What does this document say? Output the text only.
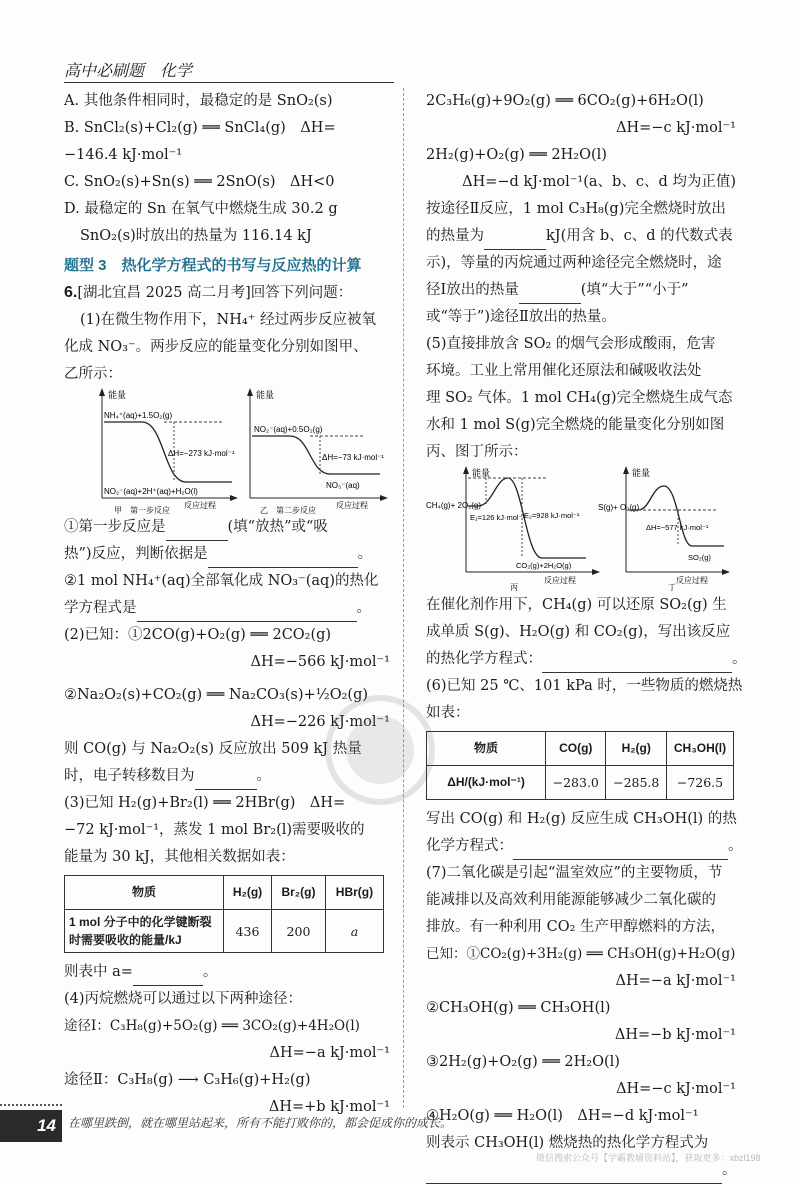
高中必刷题　化学
A. 其他条件相同时，最稳定的是 SnO₂(s)
B. SnCl₂(s)+Cl₂(g) ══ SnCl₄(g)　ΔH=
−146.4 kJ·mol⁻¹
C. SnO₂(s)+Sn(s) ══ 2SnO(s)　ΔH<0
D. 最稳定的 Sn 在氧气中燃烧生成 30.2 g
SnO₂(s)时放出的热量为 116.14 kJ
题型 3　热化学方程式的书写与反应热的计算
6.[湖北宜昌 2025 高二月考]回答下列问题：
(1)在微生物作用下，NH₄⁺ 经过两步反应被氧
化成 NO₃⁻。两步反应的能量变化分别如图甲、
乙所示：
能量
NH₄⁺(aq)+1.5O₂(g)
ΔH=−273 kJ·mol⁻¹
NO₂⁻(aq)+2H⁺(aq)+H₂O(l)
反应过程
甲　第一步反应
能量
NO₂⁻(aq)+0.5O₂(g)
ΔH=−73 kJ·mol⁻¹
NO₃⁻(aq)
反应过程
乙　第二步反应
①第一步反应是	(填“放热”或“吸
热”)反应，判断依据是	。
②1 mol NH₄⁺(aq)全部氧化成 NO₃⁻(aq)的热化
学方程式是	。
(2)已知：①2CO(g)+O₂(g) ══ 2CO₂(g)
ΔH=−566 kJ·mol⁻¹
②Na₂O₂(s)+CO₂(g) ══ Na₂CO₃(s)+½O₂(g)
ΔH=−226 kJ·mol⁻¹
则 CO(g) 与 Na₂O₂(s) 反应放出 509 kJ 热量
时，电子转移数目为	。
(3)已知 H₂(g)+Br₂(l) ══ 2HBr(g)　ΔH=
−72 kJ·mol⁻¹，蒸发 1 mol Br₂(l)需要吸收的
能量为 30 kJ，其他相关数据如表：
物质	H₂(g)	Br₂(g)	HBr(g)
1 mol 分子中的化学键断裂时需要吸收的能量/kJ	436	200	a
则表中 a=	。
(4)丙烷燃烧可以通过以下两种途径：
途径Ⅰ：C₃H₈(g)+5O₂(g) ══ 3CO₂(g)+4H₂O(l)
ΔH=−a kJ·mol⁻¹
途径Ⅱ：C₃H₈(g) ⟶ C₃H₆(g)+H₂(g)
ΔH=+b kJ·mol⁻¹
2C₃H₆(g)+9O₂(g) ══ 6CO₂(g)+6H₂O(l)
ΔH=−c kJ·mol⁻¹
2H₂(g)+O₂(g) ══ 2H₂O(l)
ΔH=−d kJ·mol⁻¹(a、b、c、d 均为正值)
按途径Ⅱ反应，1 mol C₃H₈(g)完全燃烧时放出
的热量为	kJ(用含 b、c、d 的代数式表
示)，等量的丙烷通过两种途径完全燃烧时，途
径Ⅰ放出的热量	(填“大于”“小于”
或“等于”)途径Ⅱ放出的热量。
(5)直接排放含 SO₂ 的烟气会形成酸雨，危害
环境。工业上常用催化还原法和碱吸收法处
理 SO₂ 气体。1 mol CH₄(g)完全燃烧生成气态
水和 1 mol S(g)完全燃烧的能量变化分别如图
丙、图丁所示：
能量
CH₄(g)+ 2O₂(g)
E₁=126 kJ·mol⁻¹
E₂=928 kJ·mol⁻¹
CO₂(g)+2H₂O(g)
反应过程
丙
能量
S(g)+ O₂(g)
ΔH=−577 kJ·mol⁻¹
SO₂(g)
反应过程
丁
在催化剂作用下，CH₄(g) 可以还原 SO₂(g) 生
成单质 S(g)、H₂O(g) 和 CO₂(g)，写出该反应
的热化学方程式：	。
(6)已知 25 ℃、101 kPa 时，一些物质的燃烧热
如表：
物质	CO(g)	H₂(g)	CH₃OH(l)
ΔH/(kJ·mol⁻¹)	−283.0	−285.8	−726.5
写出 CO(g) 和 H₂(g) 反应生成 CH₃OH(l) 的热
化学方程式：	。
(7)二氧化碳是引起“温室效应”的主要物质，节
能减排以及高效利用能源能够减少二氧化碳的
排放。有一种利用 CO₂ 生产甲醇燃料的方法，
已知：①CO₂(g)+3H₂(g) ══ CH₃OH(g)+H₂O(g)
ΔH=−a kJ·mol⁻¹
②CH₃OH(g) ══ CH₃OH(l)
ΔH=−b kJ·mol⁻¹
③2H₂(g)+O₂(g) ══ 2H₂O(l)
ΔH=−c kJ·mol⁻¹
④H₂O(g) ══ H₂O(l)　ΔH=−d kJ·mol⁻¹
则表示 CH₃OH(l) 燃烧热的热化学方程式为
。
14	在哪里跌倒，就在哪里站起来，所有不能打败你的，都会促成你的成长。
微信搜索公众号【学霸教辅资料站】，获取更多：xbzl198
